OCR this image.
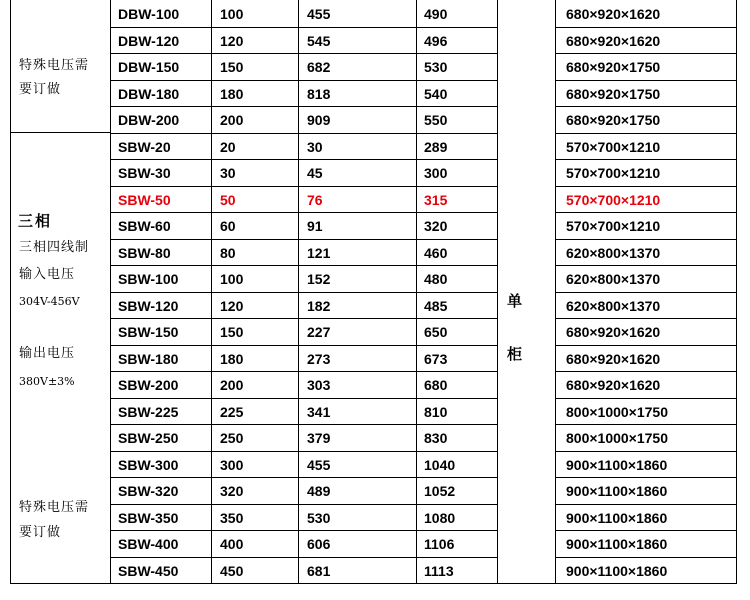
特殊电压需
要订做
三相
三相四线制
输入电压
304V-456V
输出电压
380V±3%
特殊电压需
要订做
单
柜
DBW-100	100	455	490	680×920×1620
DBW-120	120	545	496	680×920×1620
DBW-150	150	682	530	680×920×1750
DBW-180	180	818	540	680×920×1750
DBW-200	200	909	550	680×920×1750
SBW-20	20	30	289	570×700×1210
SBW-30	30	45	300	570×700×1210
SBW-50	50	76	315	570×700×1210
SBW-60	60	91	320	570×700×1210
SBW-80	80	121	460	620×800×1370
SBW-100	100	152	480	620×800×1370
SBW-120	120	182	485	620×800×1370
SBW-150	150	227	650	680×920×1620
SBW-180	180	273	673	680×920×1620
SBW-200	200	303	680	680×920×1620
SBW-225	225	341	810	800×1000×1750
SBW-250	250	379	830	800×1000×1750
SBW-300	300	455	1040	900×1100×1860
SBW-320	320	489	1052	900×1100×1860
SBW-350	350	530	1080	900×1100×1860
SBW-400	400	606	1106	900×1100×1860
SBW-450	450	681	1113	900×1100×1860
